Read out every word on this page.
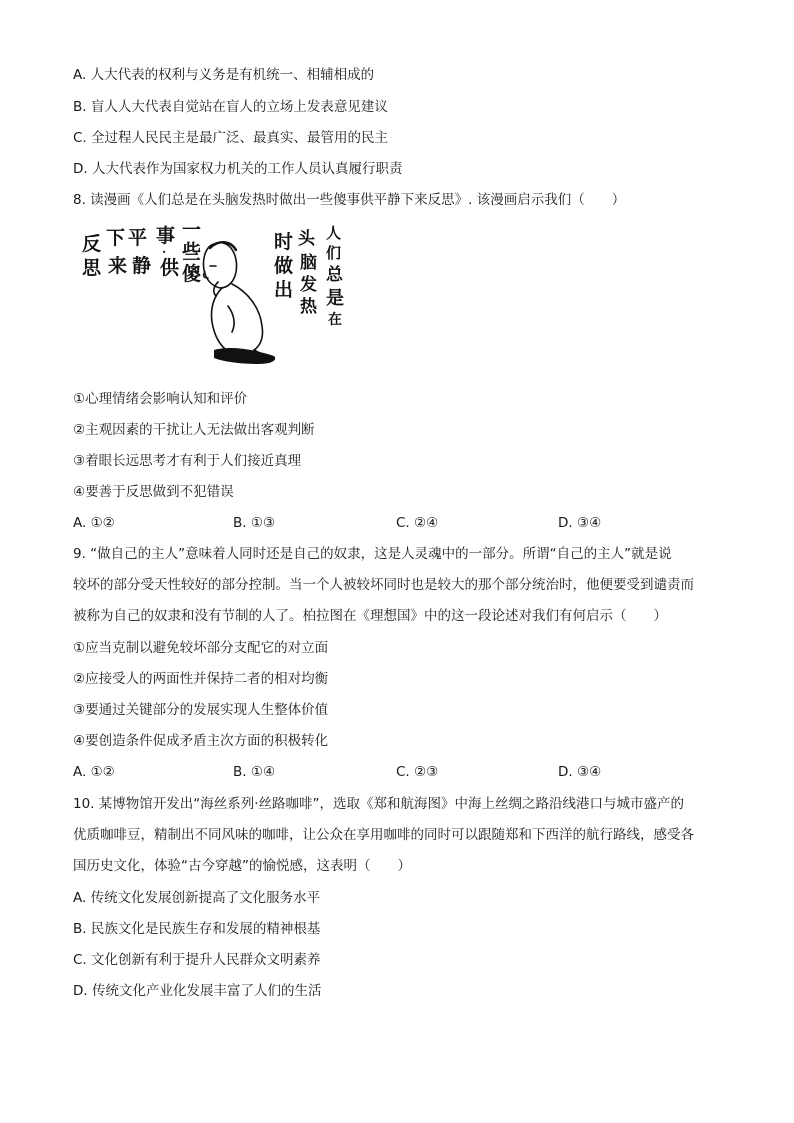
A. 人大代表的权利与义务是有机统一、相辅相成的
B. 盲人人大代表自觉站在盲人的立场上发表意见建议
C. 全过程人民民主是最广泛、最真实、最管用的民主
D. 人大代表作为国家权力机关的工作人员认真履行职责
8. 读漫画《人们总是在头脑发热时做出一些傻事供平静下来反思》. 该漫画启示我们（　　）
反
思
下
来
平
静
事
·
供
一
些
傻
时
做
出
头
脑
发
热
人
们
总
是
在
①心理情绪会影响认知和评价
②主观因素的干扰让人无法做出客观判断
③着眼长远思考才有利于人们接近真理
④要善于反思做到不犯错误
A. ①②	B. ①③	C. ②④	D. ③④
9. “做自己的主人”意味着人同时还是自己的奴隶，这是人灵魂中的一部分。所谓“自己的主人”就是说
较坏的部分受天性较好的部分控制。当一个人被较坏同时也是较大的那个部分统治时，他便要受到谴责而
被称为自己的奴隶和没有节制的人了。柏拉图在《理想国》中的这一段论述对我们有何启示（　　）
①应当克制以避免较坏部分支配它的对立面
②应接受人的两面性并保持二者的相对均衡
③要通过关键部分的发展实现人生整体价值
④要创造条件促成矛盾主次方面的积极转化
A. ①②	B. ①④	C. ②③	D. ③④
10. 某博物馆开发出“海丝系列·丝路咖啡”，选取《郑和航海图》中海上丝绸之路沿线港口与城市盛产的
优质咖啡豆，精制出不同风味的咖啡，让公众在享用咖啡的同时可以跟随郑和下西洋的航行路线，感受各
国历史文化，体验“古今穿越”的愉悦感，这表明（　　）
A. 传统文化发展创新提高了文化服务水平
B. 民族文化是民族生存和发展的精神根基
C. 文化创新有利于提升人民群众文明素养
D. 传统文化产业化发展丰富了人们的生活
